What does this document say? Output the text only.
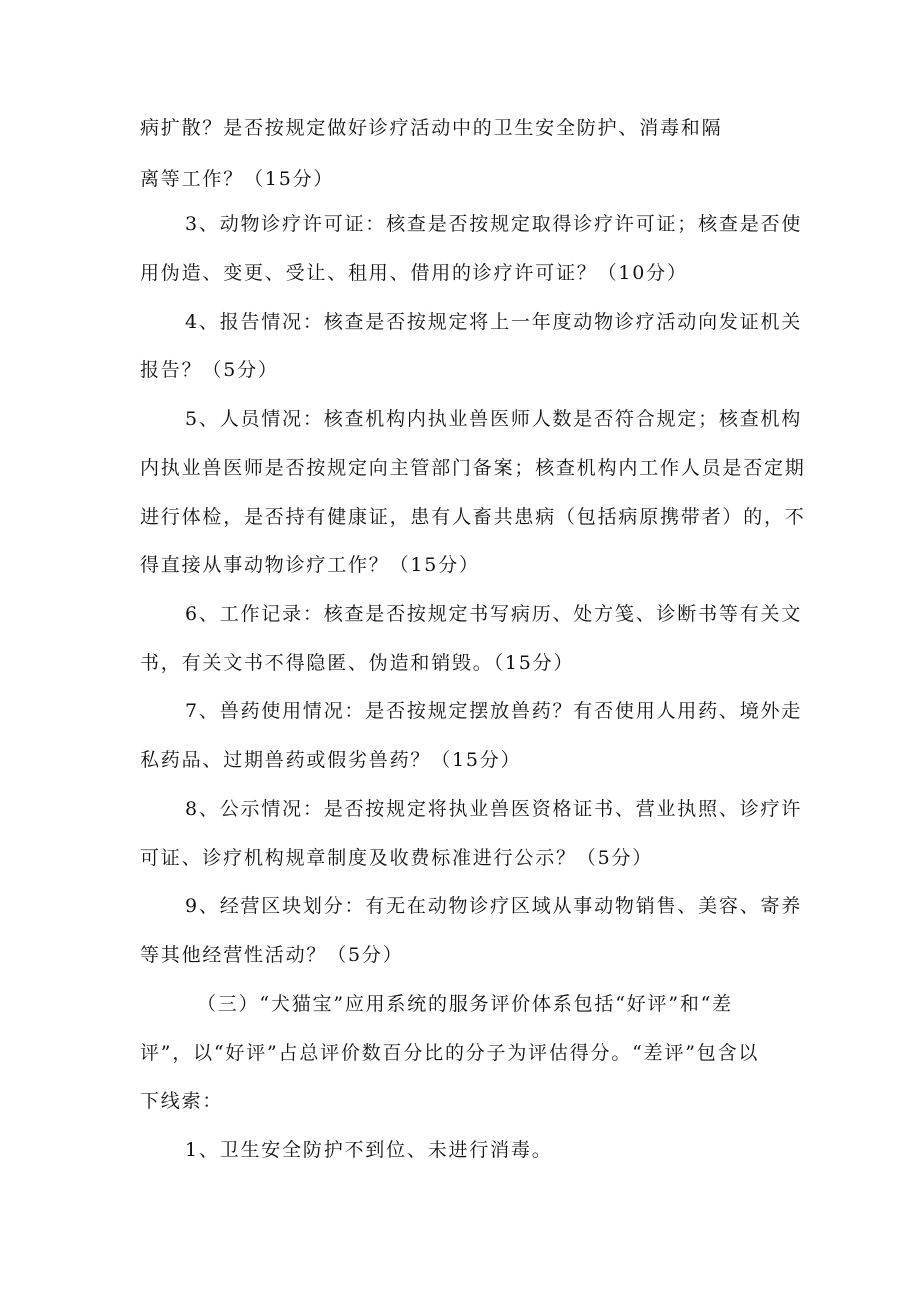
病扩散？是否按规定做好诊疗活动中的卫生安全防护、消毒和隔
离等工作？（15分）
3、动物诊疗许可证：核查是否按规定取得诊疗许可证；核查是否使
用伪造、变更、受让、租用、借用的诊疗许可证？（10分）
4、报告情况：核查是否按规定将上一年度动物诊疗活动向发证机关
报告？（5分）
5、人员情况：核查机构内执业兽医师人数是否符合规定；核查机构
内执业兽医师是否按规定向主管部门备案；核查机构内工作人员是否定期
进行体检，是否持有健康证，患有人畜共患病（包括病原携带者）的，不
得直接从事动物诊疗工作？（15分）
6、工作记录：核查是否按规定书写病历、处方笺、诊断书等有关文
书，有关文书不得隐匿、伪造和销毁。（15分）
7、兽药使用情况：是否按规定摆放兽药？有否使用人用药、境外走
私药品、过期兽药或假劣兽药？（15分）
8、公示情况：是否按规定将执业兽医资格证书、营业执照、诊疗许
可证、诊疗机构规章制度及收费标准进行公示？（5分）
9、经营区块划分：有无在动物诊疗区域从事动物销售、美容、寄养
等其他经营性活动？（5分）
（三）“犬猫宝”应用系统的服务评价体系包括“好评”和“差
评”，以“好评”占总评价数百分比的分子为评估得分。“差评”包含以
下线索：
1、卫生安全防护不到位、未进行消毒。
